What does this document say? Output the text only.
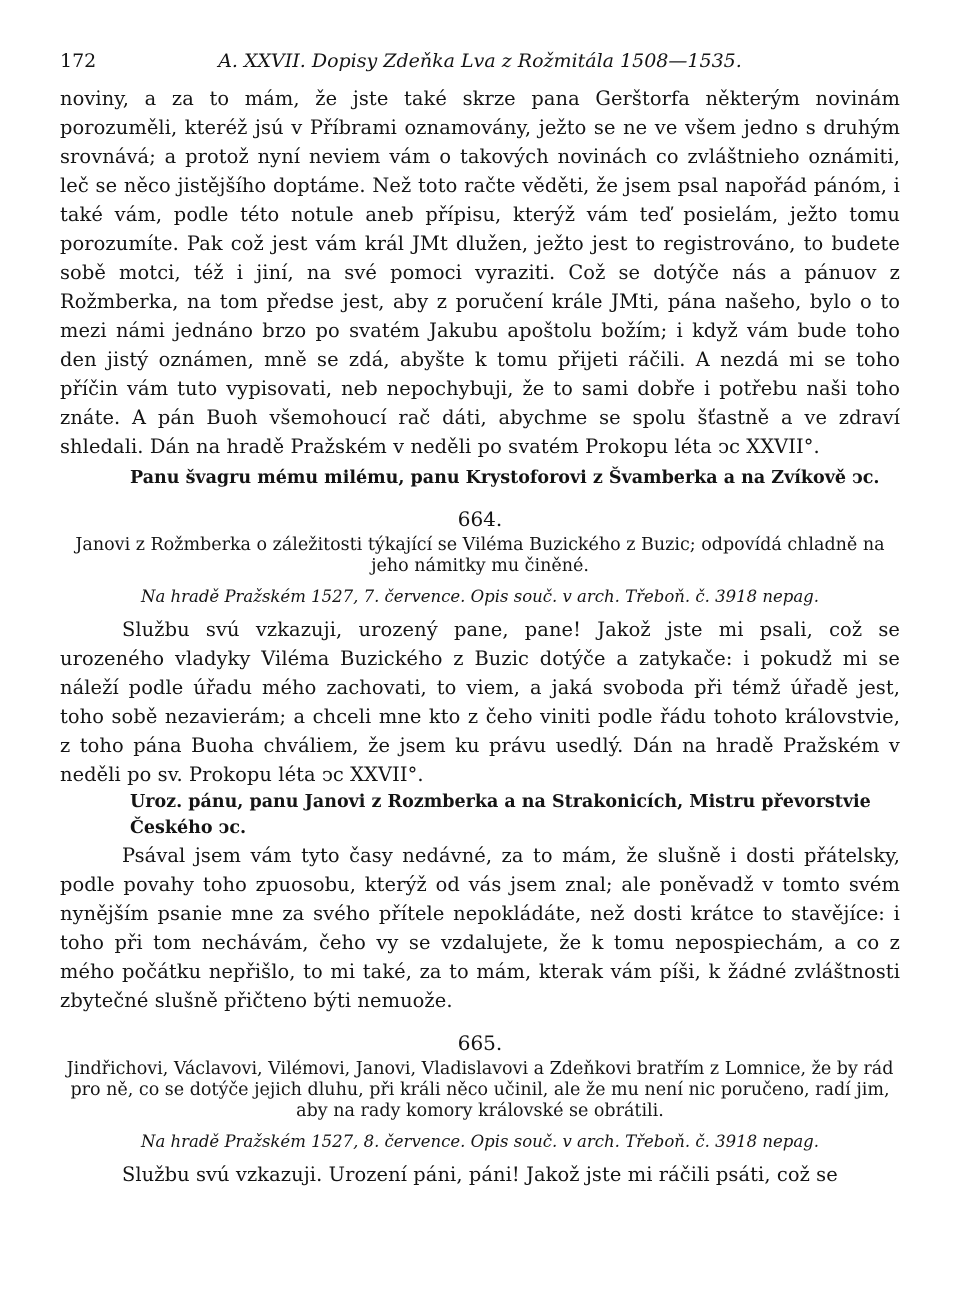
172	A. XXVII. Dopisy Zdeňka Lva z Rožmitála 1508—1535.

noviny, a za to mám, že jste také skrze pana Gerštorfa některým novinám porozuměli, kteréž jsú v Příbrami oznamovány, ježto se ne ve všem jedno s druhým srovnává; a protož nyní neviem vám o takových novinách co zvláštnieho oznámiti, leč se něco jistějšího doptáme. Než toto račte věděti, že jsem psal napořád pánóm, i také vám, podle této notule aneb přípisu, kterýž vám teď posielám, ježto tomu porozumíte. Pak což jest vám král JMt dlužen, ježto jest to registrováno, to budete sobě motci, též i jiní, na své pomoci vyraziti. Což se dotýče nás a pánuov z Rožmberka, na tom předse jest, aby z poručení krále JMti, pána našeho, bylo o to mezi námi jednáno brzo po svatém Jakubu apoštolu božím; i když vám bude toho den jistý oznámen, mně se zdá, abyšte k tomu přijeti ráčili. A nezdá mi se toho příčin vám tuto vypisovati, neb nepochybuji, že to sami dobře i potřebu naši toho znáte. A pán Buoh všemohoucí rač dáti, abychme se spolu šťastně a ve zdraví shledali. Dán na hradě Pražském v neděli po svatém Prokopu léta ↄc XXVII°.

Panu švagru mému milému, panu Krystoforovi z Švamberka a na Zvíkově ↄc.

664.

Janovi z Rožmberka o záležitosti týkající se Viléma Buzického z Buzic; odpovídá chladně na jeho námitky mu činěné.

Na hradě Pražském 1527, 7. července. Opis souč. v arch. Třeboň. č. 3918 nepag.

Službu svú vzkazuji, urozený pane, pane! Jakož jste mi psali, což se urozeného vladyky Viléma Buzického z Buzic dotýče a zatykače: i pokudž mi se náleží podle úřadu mého zachovati, to viem, a jaká svoboda při témž úřadě jest, toho sobě nezavierám; a chceli mne kto z čeho viniti podle řádu tohoto královstvie, z toho pána Buoha chváliem, že jsem ku právu usedlý. Dán na hradě Pražském v neděli po sv. Prokopu léta ↄc XXVII°.

Uroz. pánu, panu Janovi z Rozmberka a na Strakonicích, Mistru převorstvie Českého ↄc.

Psával jsem vám tyto časy nedávné, za to mám, že slušně i dosti přátelsky, podle povahy toho zpuosobu, kterýž od vás jsem znal; ale poněvadž v tomto svém nynějším psanie mne za svého přítele nepokládáte, než dosti krátce to stavějíce: i toho při tom nechávám, čeho vy se vzdalujete, že k tomu nepospiechám, a co z mého počátku nepřišlo, to mi také, za to mám, kterak vám píši, k žádné zvláštnosti zbytečné slušně přičteno býti nemuože.

665.

Jindřichovi, Václavovi, Vilémovi, Janovi, Vladislavovi a Zdeňkovi bratřím z Lomnice, že by rád pro ně, co se dotýče jejich dluhu, při králi něco učinil, ale že mu není nic poručeno, radí jim, aby na rady komory královské se obrátili.

Na hradě Pražském 1527, 8. července. Opis souč. v arch. Třeboň. č. 3918 nepag.

Službu svú vzkazuji. Urození páni, páni! Jakož jste mi ráčili psáti, což se
